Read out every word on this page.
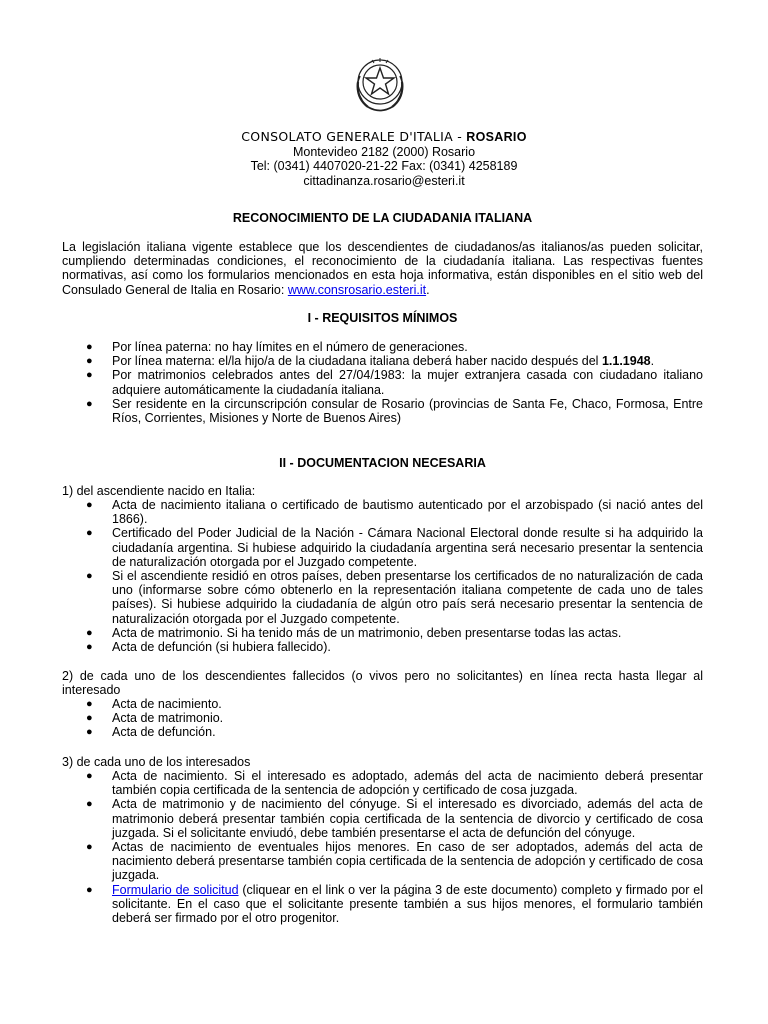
CONSOLATO GENERALE D'ITALIA - ROSARIO
Montevideo 2182 (2000) Rosario
Tel: (0341) 4407020-21-22 Fax: (0341) 4258189
cittadinanza.rosario@esteri.it
RECONOCIMIENTO DE LA CIUDADANIA ITALIANA
La legislación italiana vigente establece que los descendientes de ciudadanos/as italianos/as pueden solicitar, cumpliendo determinadas condiciones, el reconocimiento de la ciudadanía italiana. Las respectivas fuentes normativas, así como los formularios mencionados en esta hoja informativa, están disponibles en el sitio web del Consulado General de Italia en Rosario: www.consrosario.esteri.it.
I - REQUISITOS MÍNIMOS
● Por línea paterna: no hay límites en el número de generaciones.
● Por línea materna: el/la hijo/a de la ciudadana italiana deberá haber nacido después del 1.1.1948.
● Por matrimonios celebrados antes del 27/04/1983: la mujer extranjera casada con ciudadano italiano adquiere automáticamente la ciudadanía italiana.
● Ser residente en la circunscripción consular de Rosario (provincias de Santa Fe, Chaco, Formosa, Entre Ríos, Corrientes, Misiones y Norte de Buenos Aires)
II - DOCUMENTACION NECESARIA
1) del ascendiente nacido en Italia:
● Acta de nacimiento italiana o certificado de bautismo autenticado por el arzobispado (si nació antes del 1866).
● Certificado del Poder Judicial de la Nación - Cámara Nacional Electoral donde resulte si ha adquirido la ciudadanía argentina. Si hubiese adquirido la ciudadanía argentina será necesario presentar la sentencia de naturalización otorgada por el Juzgado competente.
● Si el ascendiente residió en otros países, deben presentarse los certificados de no naturalización de cada uno (informarse sobre cómo obtenerlo en la representación italiana competente de cada uno de tales países). Si hubiese adquirido la ciudadanía de algún otro país será necesario presentar la sentencia de naturalización otorgada por el Juzgado competente.
● Acta de matrimonio. Si ha tenido más de un matrimonio, deben presentarse todas las actas.
● Acta de defunción (si hubiera fallecido).
2) de cada uno de los descendientes fallecidos (o vivos pero no solicitantes) en línea recta hasta llegar al interesado
● Acta de nacimiento.
● Acta de matrimonio.
● Acta de defunción.
3) de cada uno de los interesados
● Acta de nacimiento. Si el interesado es adoptado, además del acta de nacimiento deberá presentar también copia certificada de la sentencia de adopción y certificado de cosa juzgada.
● Acta de matrimonio y de nacimiento del cónyuge. Si el interesado es divorciado, además del acta de matrimonio deberá presentar también copia certificada de la sentencia de divorcio y certificado de cosa juzgada. Si el solicitante enviudó, debe también presentarse el acta de defunción del cónyuge.
● Actas de nacimiento de eventuales hijos menores. En caso de ser adoptados, además del acta de nacimiento deberá presentarse también copia certificada de la sentencia de adopción y certificado de cosa juzgada.
● Formulario de solicitud (cliquear en el link o ver la página 3 de este documento) completo y firmado por el solicitante. En el caso que el solicitante presente también a sus hijos menores, el formulario también deberá ser firmado por el otro progenitor.
